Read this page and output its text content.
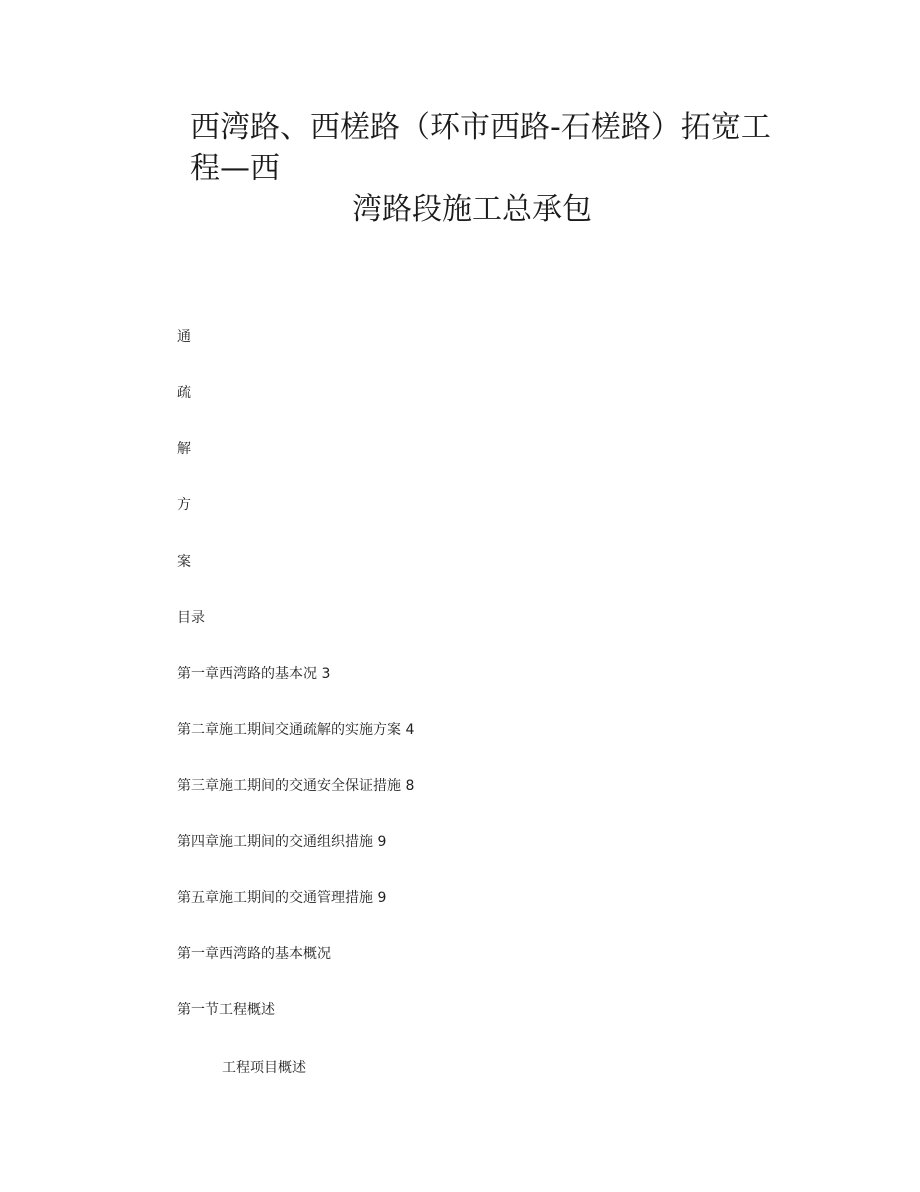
西湾路、西槎路（环市西路-石槎路）拓宽工
程—西
湾路段施工总承包
通
疏
解
方
案
目录
第一章西湾路的基本况 3
第二章施工期间交通疏解的实施方案 4
第三章施工期间的交通安全保证措施 8
第四章施工期间的交通组织措施 9
第五章施工期间的交通管理措施 9
第一章西湾路的基本概况
第一节工程概述
工程项目概述
